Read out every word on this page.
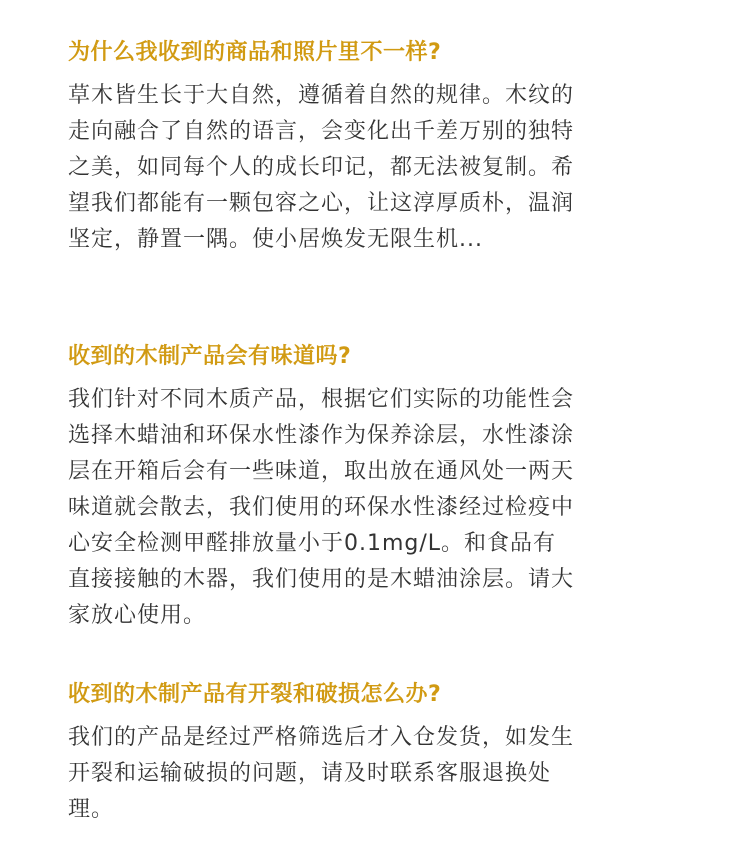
为什么我收到的商品和照片里不一样?

草木皆生长于大自然，遵循着自然的规律。木纹的走向融合了自然的语言，会变化出千差万别的独特之美，如同每个人的成长印记，都无法被复制。希望我们都能有一颗包容之心，让这淳厚质朴，温润坚定，静置一隅。使小居焕发无限生机...

收到的木制产品会有味道吗?

我们针对不同木质产品，根据它们实际的功能性会选择木蜡油和环保水性漆作为保养涂层，水性漆涂层在开箱后会有一些味道，取出放在通风处一两天味道就会散去，我们使用的环保水性漆经过检疫中心安全检测甲醛排放量小于0.1mg/L。和食品有直接接触的木器，我们使用的是木蜡油涂层。请大家放心使用。

收到的木制产品有开裂和破损怎么办?

我们的产品是经过严格筛选后才入仓发货，如发生开裂和运输破损的问题，请及时联系客服退换处理。
